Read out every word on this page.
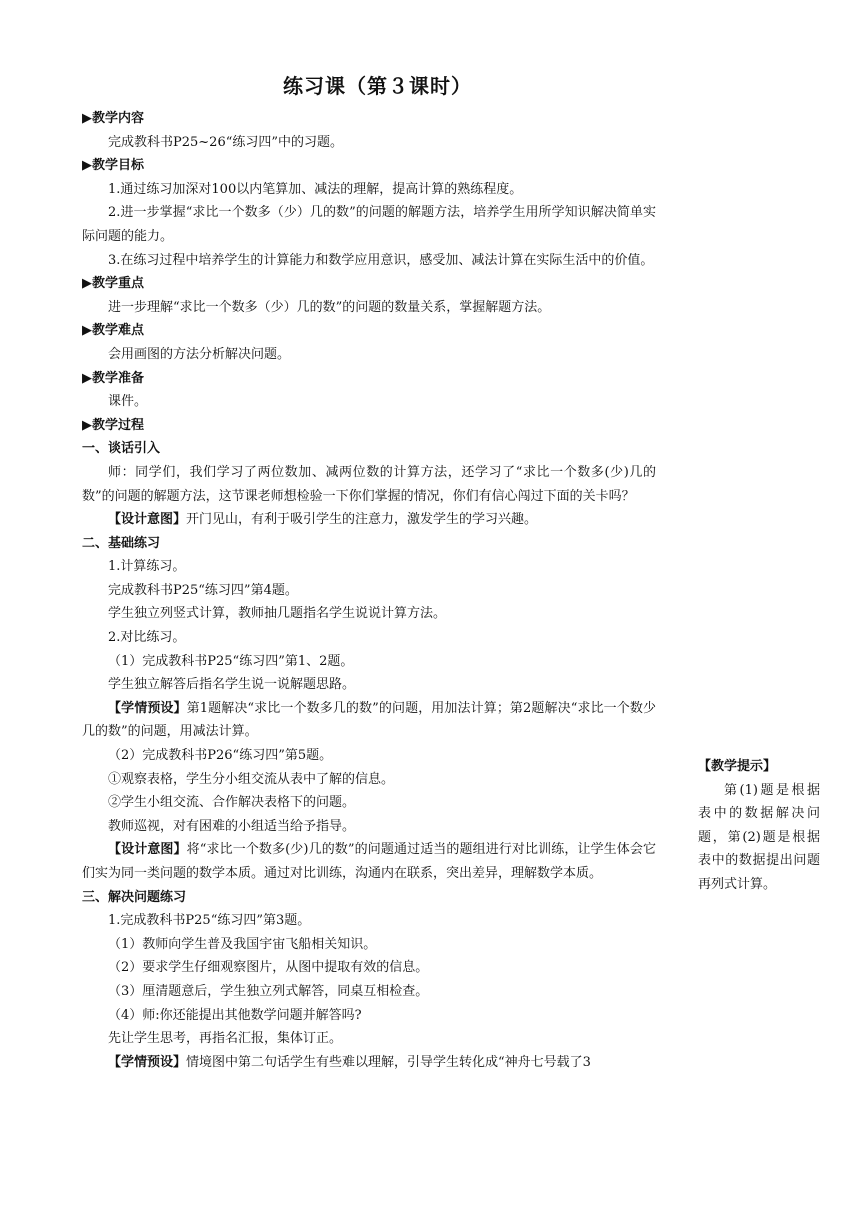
练习课（第３课时）

▶教学内容

完成教科书P25~26“练习四”中的习题。

▶教学目标

1.通过练习加深对100以内笔算加、减法的理解，提高计算的熟练程度。

2.进一步掌握“求比一个数多（少）几的数”的问题的解题方法，培养学生用所学知识解决简单实际问题的能力。

3.在练习过程中培养学生的计算能力和数学应用意识，感受加、减法计算在实际生活中的价值。

▶教学重点

进一步理解“求比一个数多（少）几的数”的问题的数量关系，掌握解题方法。

▶教学难点

会用画图的方法分析解决问题。

▶教学准备

课件。

▶教学过程

一、谈话引入

师：同学们，我们学习了两位数加、减两位数的计算方法，还学习了“求比一个数多(少)几的数”的问题的解题方法，这节课老师想检验一下你们掌握的情况，你们有信心闯过下面的关卡吗？

【设计意图】开门见山，有利于吸引学生的注意力，激发学生的学习兴趣。

二、基础练习

1.计算练习。

完成教科书P25“练习四”第4题。

学生独立列竖式计算，教师抽几题指名学生说说计算方法。

2.对比练习。

（1）完成教科书P25“练习四”第1、2题。

学生独立解答后指名学生说一说解题思路。

【学情预设】第1题解决“求比一个数多几的数”的问题，用加法计算；第2题解决“求比一个数少几的数”的问题，用减法计算。

（2）完成教科书P26“练习四”第5题。

①观察表格，学生分小组交流从表中了解的信息。

②学生小组交流、合作解决表格下的问题。

教师巡视，对有困难的小组适当给予指导。

【设计意图】将“求比一个数多(少)几的数”的问题通过适当的题组进行对比训练，让学生体会它们实为同一类问题的数学本质。通过对比训练，沟通内在联系，突出差异，理解数学本质。

三、解决问题练习

1.完成教科书P25“练习四”第3题。

（1）教师向学生普及我国宇宙飞船相关知识。

（2）要求学生仔细观察图片，从图中提取有效的信息。

（3）厘清题意后，学生独立列式解答，同桌互相检查。

（4）师:你还能提出其他数学问题并解答吗?

先让学生思考，再指名汇报，集体订正。

【学情预设】情境图中第二句话学生有些难以理解，引导学生转化成“神舟七号载了3

【教学提示】

第(1)题是根据表中的数据解决问题，第(2)题是根据表中的数据提出问题再列式计算。
